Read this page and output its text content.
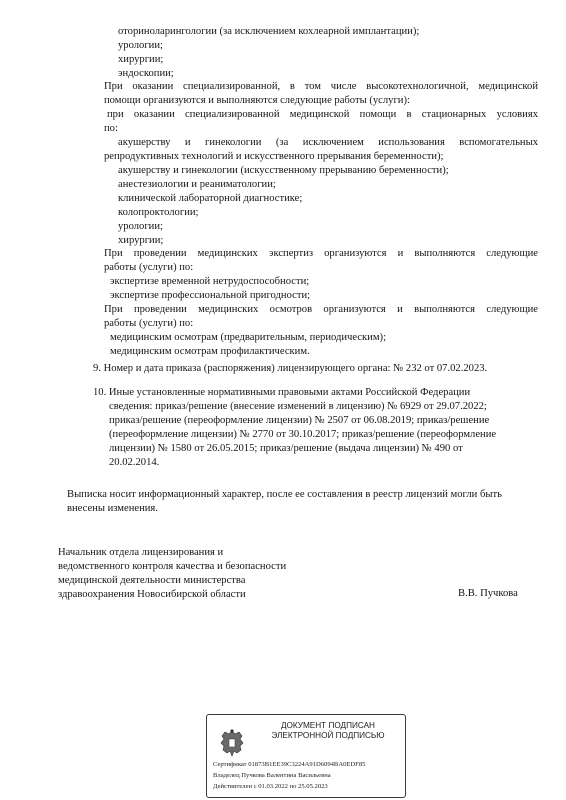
оториноларингологии (за исключением кохлеарной имплантации);
урологии;
хирургии;
эндоскопии;
При оказании специализированной, в том числе высокотехнологичной, медицинской
помощи организуются и выполняются следующие работы (услуги):
при оказании специализированной медицинской помощи в стационарных условиях
по:
акушерству и гинекологии (за исключением использования вспомогательных
репродуктивных технологий и искусственного прерывания беременности);
акушерству и гинекологии (искусственному прерыванию беременности);
анестезиологии и реаниматологии;
клинической лабораторной диагностике;
колопроктологии;
урологии;
хирургии;
При проведении медицинских экспертиз организуются и выполняются следующие
работы (услуги) по:
экспертизе временной нетрудоспособности;
экспертизе профессиональной пригодности;
При проведении медицинских осмотров организуются и выполняются следующие
работы (услуги) по:
медицинским осмотрам (предварительным, периодическим);
медицинским осмотрам профилактическим.
9. Номер и дата приказа (распоряжения) лицензирующего органа: № 232 от 07.02.2023.
10. Иные установленные нормативными правовыми актами Российской Федерации
сведения: приказ/решение (внесение изменений в лицензию) № 6929 от 29.07.2022;
приказ/решение (переоформление лицензии) № 2507 от 06.08.2019; приказ/решение
(переоформление лицензии) № 2770 от 30.10.2017; приказ/решение (переоформление
лицензии) № 1580 от 26.05.2015; приказ/решение (выдача лицензии) № 490 от
20.02.2014.
Выписка носит информационный характер, после ее составления в реестр лицензий могли быть
внесены изменения.
Начальник отдела лицензирования и
ведомственного контроля качества и безопасности
медицинской деятельности министерства
здравоохранения Новосибирской области	В.В. Пучкова
ДОКУМЕНТ ПОДПИСАН
ЭЛЕКТРОННОЙ ПОДПИСЬЮ
Сертификат 01873B1EE39C3224A91D6094BA0EDF85
Владелец Пучкова Валентина Васильевна
Действителен с 01.03.2022 по 25.05.2023
